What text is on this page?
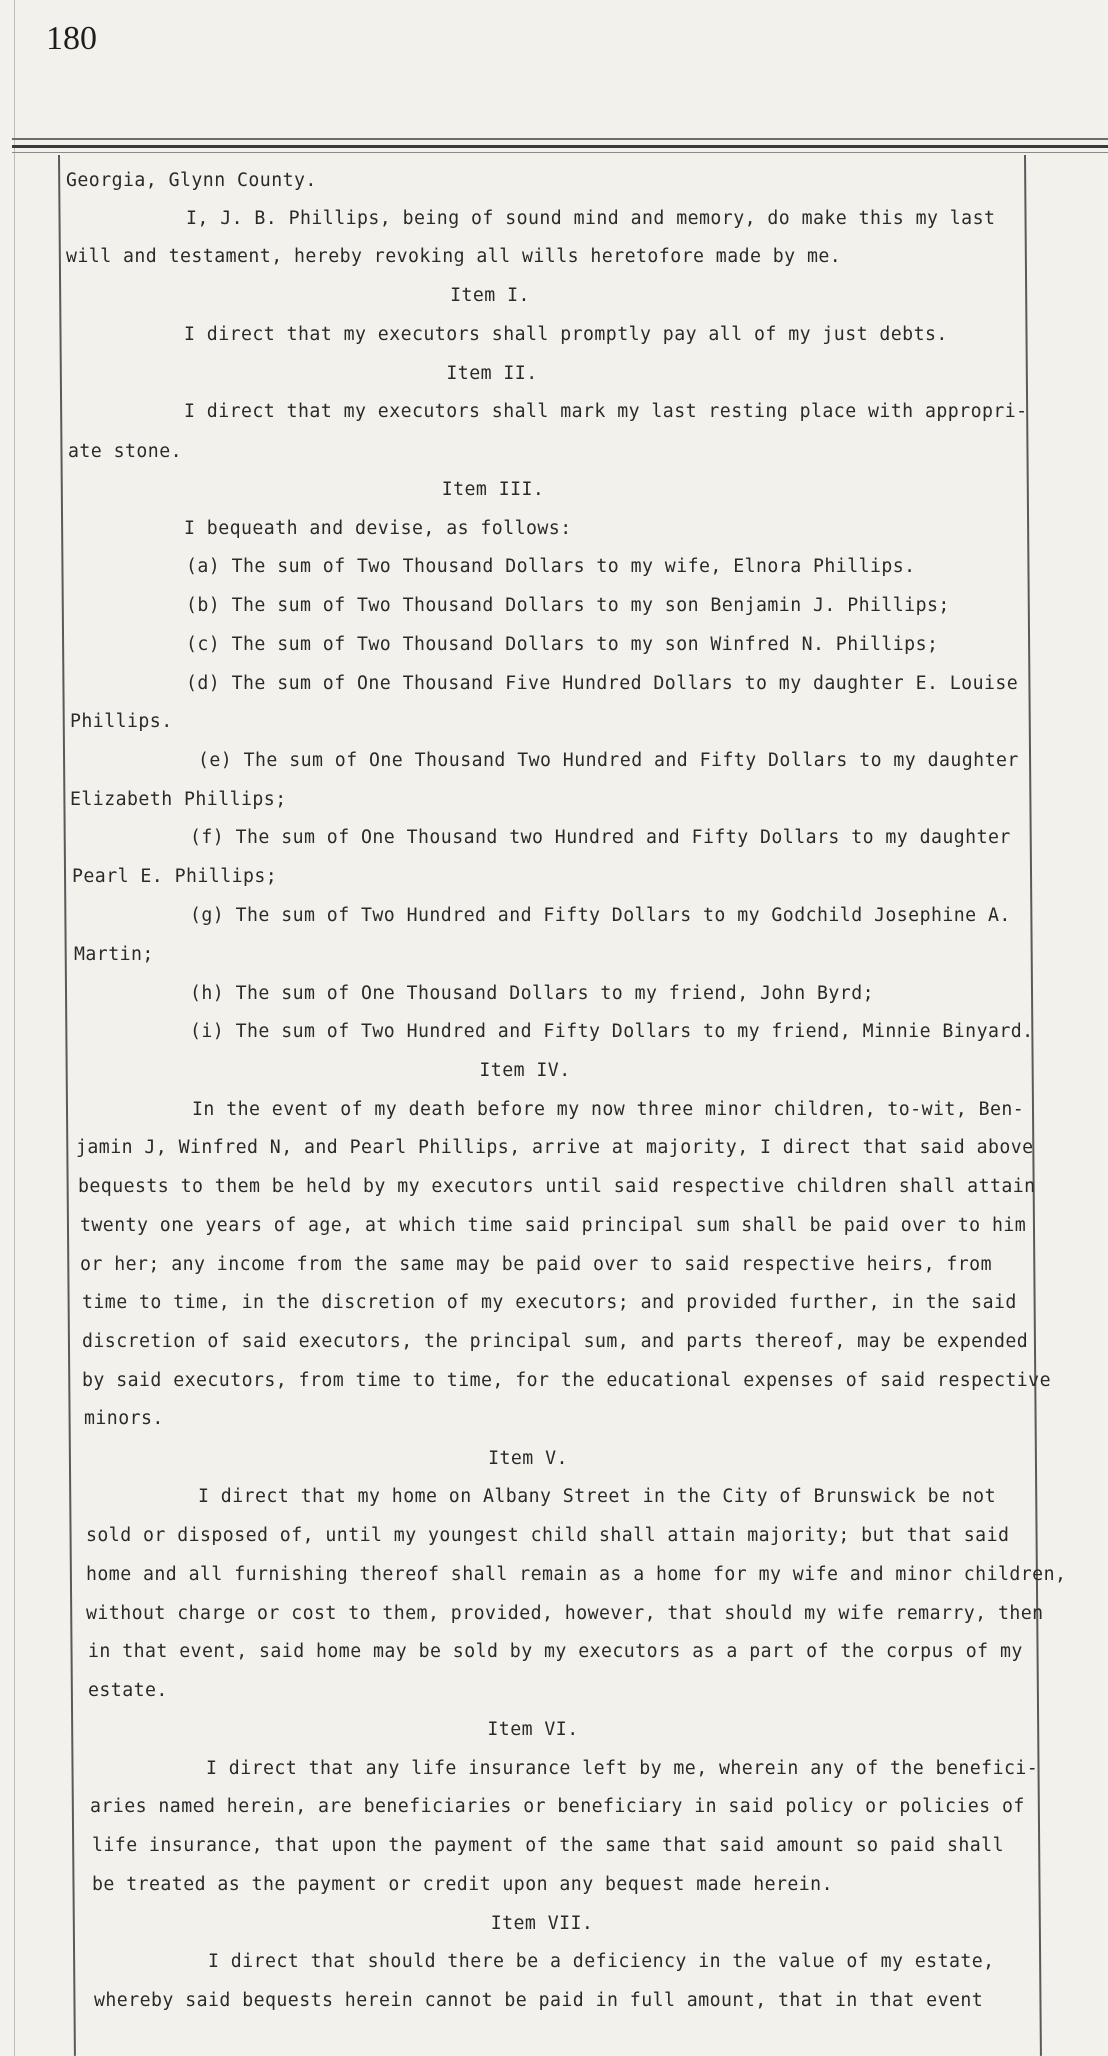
180
Georgia, Glynn County.
I, J. B. Phillips, being of sound mind and memory, do make this my last
will and testament, hereby revoking all wills heretofore made by me.
Item I.
I direct that my executors shall promptly pay all of my just debts.
Item II.
I direct that my executors shall mark my last resting place with appropri-
ate stone.
Item III.
I bequeath and devise, as follows:
(a) The sum of Two Thousand Dollars to my wife, Elnora Phillips.
(b) The sum of Two Thousand Dollars to my son Benjamin J. Phillips;
(c) The sum of Two Thousand Dollars to my son Winfred N. Phillips;
(d) The sum of One Thousand Five Hundred Dollars to my daughter E. Louise
Phillips.
(e) The sum of One Thousand Two Hundred and Fifty Dollars to my daughter
Elizabeth Phillips;
(f) The sum of One Thousand two Hundred and Fifty Dollars to my daughter
Pearl E. Phillips;
(g) The sum of Two Hundred and Fifty Dollars to my Godchild Josephine A.
Martin;
(h) The sum of One Thousand Dollars to my friend, John Byrd;
(i) The sum of Two Hundred and Fifty Dollars to my friend, Minnie Binyard.
Item IV.
In the event of my death before my now three minor children, to-wit, Ben-
jamin J, Winfred N, and Pearl Phillips, arrive at majority, I direct that said above
bequests to them be held by my executors until said respective children shall attain
twenty one years of age, at which time said principal sum shall be paid over to him
or her; any income from the same may be paid over to said respective heirs, from
time to time, in the discretion of my executors; and provided further, in the said
discretion of said executors, the principal sum, and parts thereof, may be expended
by said executors, from time to time, for the educational expenses of said respective
minors.
Item V.
I direct that my home on Albany Street in the City of Brunswick be not
sold or disposed of, until my youngest child shall attain majority; but that said
home and all furnishing thereof shall remain as a home for my wife and minor children,
without charge or cost to them, provided, however, that should my wife remarry, then
in that event, said home may be sold by my executors as a part of the corpus of my
estate.
Item VI.
I direct that any life insurance left by me, wherein any of the benefici-
aries named herein, are beneficiaries or beneficiary in said policy or policies of
life insurance, that upon the payment of the same that said amount so paid shall
be treated as the payment or credit upon any bequest made herein.
Item VII.
I direct that should there be a deficiency in the value of my estate,
whereby said bequests herein cannot be paid in full amount, that in that event
